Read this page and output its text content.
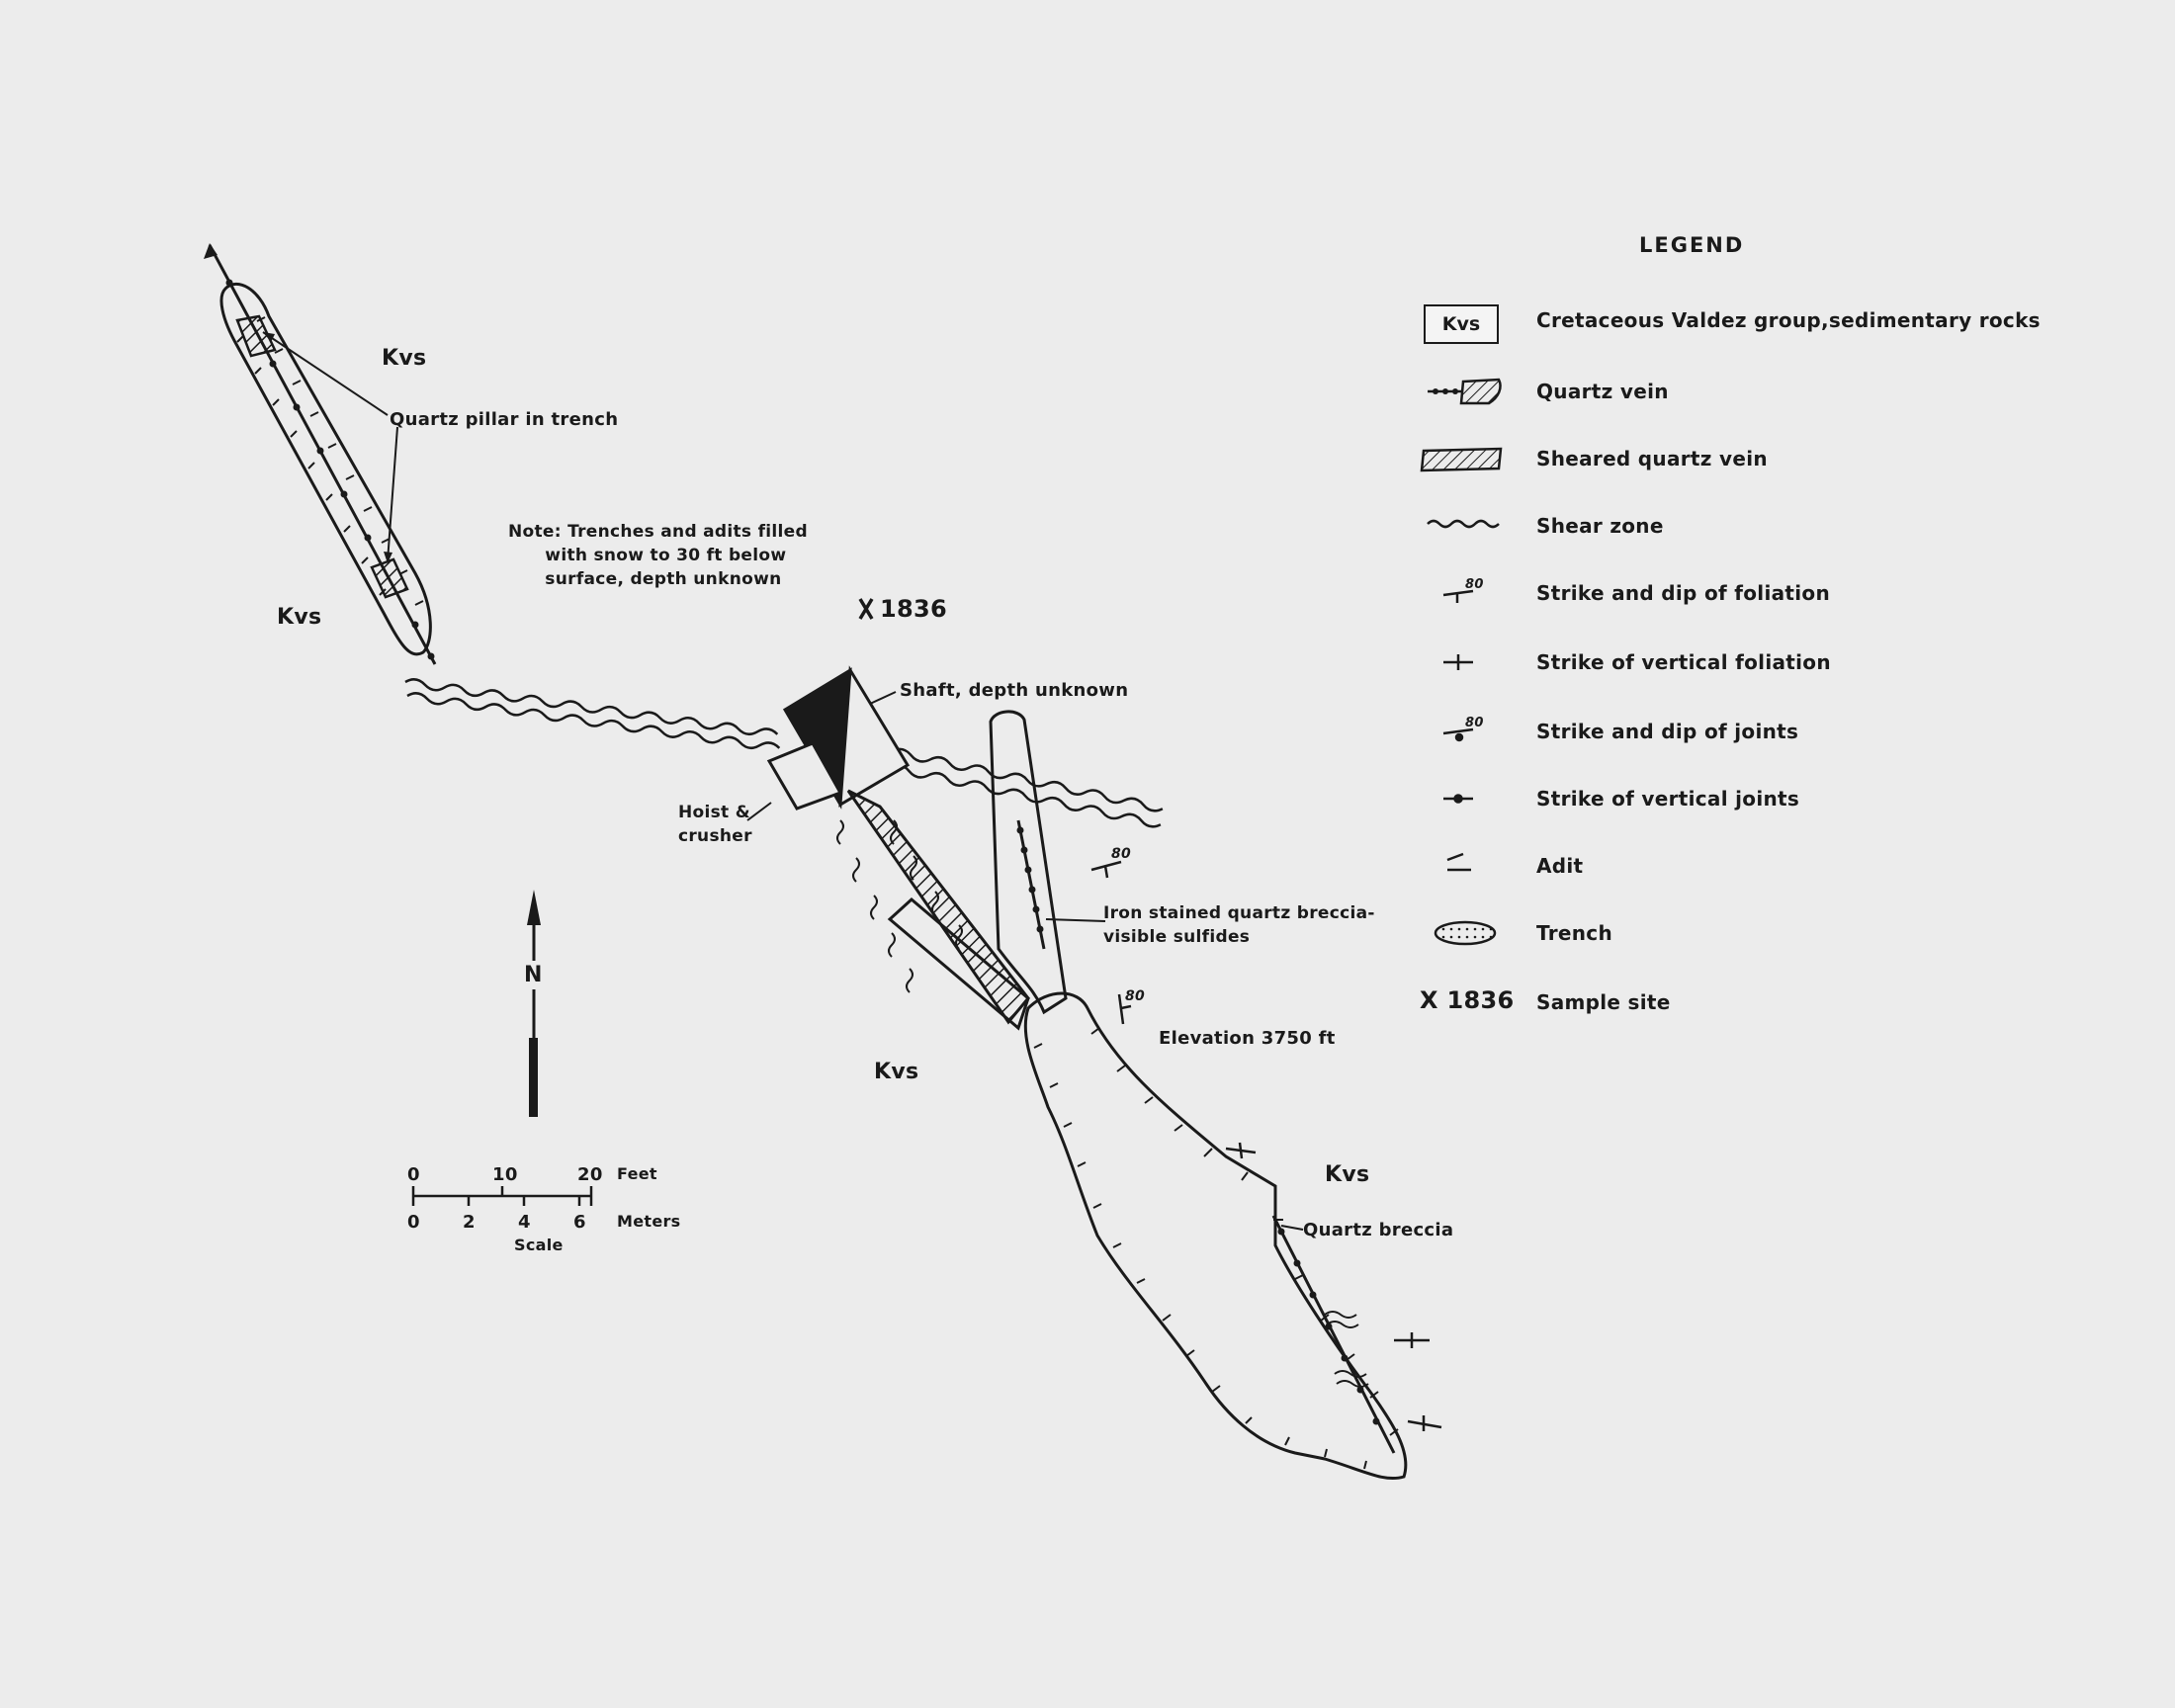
Kvs
Kvs
Kvs
Kvs
Quartz pillar in trench
Note: Trenches and adits filled
with snow to 30 ft below
surface, depth unknown
1836
Shaft, depth unknown
Hoist &
crusher
Iron stained quartz breccia-
visible sulfides
Elevation 3750 ft
Quartz breccia
80
80
N
0	10	20 Feet
0 2 4 6 Meters
Scale
LEGEND
Kvs	Cretaceous Valdez group,sedimentary rocks
Quartz vein
Sheared quartz vein
Shear zone
80	Strike and dip of foliation
Strike of vertical foliation
80	Strike and dip of joints
Strike of vertical joints
Adit
Trench
X 1836 Sample site
